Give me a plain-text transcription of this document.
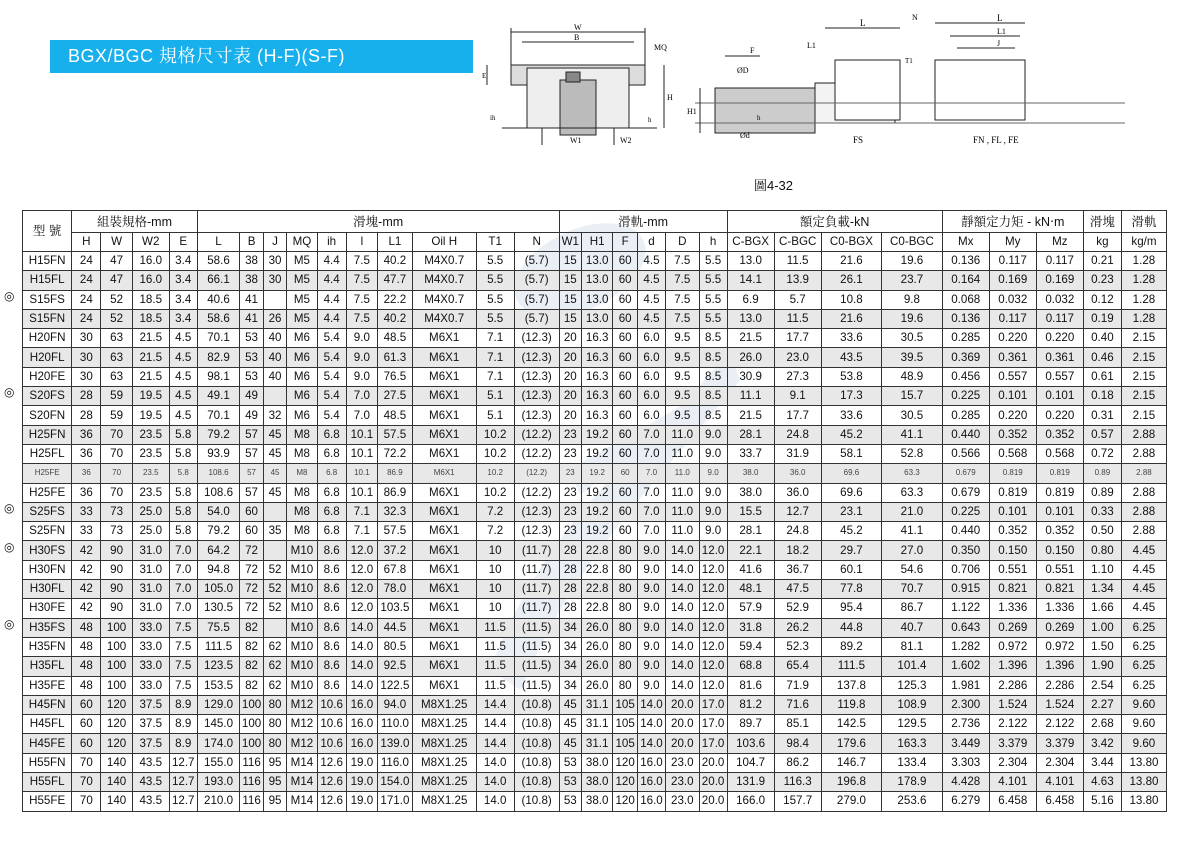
BGX/BGC 規格尺寸表 (H-F)(S-F)
W
B
MQ
H
E
ih
W1	W2
h
L
N	L
L1
J
F
ØD
Ød
L1
T1
H1
h
FS	FN , FL , FE
圖4-32
◎
◎
◎
◎
◎
型 號	組裝規格-mm				滑塊-mm										滑軌-mm						額定負載-kN				靜額定力矩 - kN‧m			滑塊	滑軌
	H	W	W2	E	L	B	J	MQ	ih	l	L1	Oil H	T1	N	W1	H1	F	d	D	h	C-BGX	C-BGC	C0-BGX	C0-BGC	Mx	My	Mz	kg	kg/m
H15FN	24	47	16.0	3.4	58.6	38	30	M5	4.4	7.5	40.2	M4X0.7	5.5	(5.7)	15	13.0	60	4.5	7.5	5.5	13.0	11.5	21.6	19.6	0.136	0.117	0.117	0.21	1.28
H15FL	24	47	16.0	3.4	66.1	38	30	M5	4.4	7.5	47.7	M4X0.7	5.5	(5.7)	15	13.0	60	4.5	7.5	5.5	14.1	13.9	26.1	23.7	0.164	0.169	0.169	0.23	1.28
S15FS	24	52	18.5	3.4	40.6	41		M5	4.4	7.5	22.2	M4X0.7	5.5	(5.7)	15	13.0	60	4.5	7.5	5.5	6.9	5.7	10.8	9.8	0.068	0.032	0.032	0.12	1.28
S15FN	24	52	18.5	3.4	58.6	41	26	M5	4.4	7.5	40.2	M4X0.7	5.5	(5.7)	15	13.0	60	4.5	7.5	5.5	13.0	11.5	21.6	19.6	0.136	0.117	0.117	0.19	1.28
H20FN	30	63	21.5	4.5	70.1	53	40	M6	5.4	9.0	48.5	M6X1	7.1	(12.3)	20	16.3	60	6.0	9.5	8.5	21.5	17.7	33.6	30.5	0.285	0.220	0.220	0.40	2.15
H20FL	30	63	21.5	4.5	82.9	53	40	M6	5.4	9.0	61.3	M6X1	7.1	(12.3)	20	16.3	60	6.0	9.5	8.5	26.0	23.0	43.5	39.5	0.369	0.361	0.361	0.46	2.15
H20FE	30	63	21.5	4.5	98.1	53	40	M6	5.4	9.0	76.5	M6X1	7.1	(12.3)	20	16.3	60	6.0	9.5	8.5	30.9	27.3	53.8	48.9	0.456	0.557	0.557	0.61	2.15
S20FS	28	59	19.5	4.5	49.1	49		M6	5.4	7.0	27.5	M6X1	5.1	(12.3)	20	16.3	60	6.0	9.5	8.5	11.1	9.1	17.3	15.7	0.225	0.101	0.101	0.18	2.15
S20FN	28	59	19.5	4.5	70.1	49	32	M6	5.4	7.0	48.5	M6X1	5.1	(12.3)	20	16.3	60	6.0	9.5	8.5	21.5	17.7	33.6	30.5	0.285	0.220	0.220	0.31	2.15
H25FN	36	70	23.5	5.8	79.2	57	45	M8	6.8	10.1	57.5	M6X1	10.2	(12.2)	23	19.2	60	7.0	11.0	9.0	28.1	24.8	45.2	41.1	0.440	0.352	0.352	0.57	2.88
H25FL	36	70	23.5	5.8	93.9	57	45	M8	6.8	10.1	72.2	M6X1	10.2	(12.2)	23	19.2	60	7.0	11.0	9.0	33.7	31.9	58.1	52.8	0.566	0.568	0.568	0.72	2.88
H25FE	36	70	23.5	5.8	108.6	57	45	M8	6.8	10.1	86.9	M6X1	10.2	(12.2)	23	19.2	60	7.0	11.0	9.0	38.0	36.0	69.6	63.3	0.679	0.819	0.819	0.89	2.88
H25FE	36	70	23.5	5.8	108.6	57	45	M8	6.8	10.1	86.9	M6X1	10.2	(12.2)	23	19.2	60	7.0	11.0	9.0	38.0	36.0	69.6	63.3	0.679	0.819	0.819	0.89	2.88
S25FS	33	73	25.0	5.8	54.0	60		M8	6.8	7.1	32.3	M6X1	7.2	(12.3)	23	19.2	60	7.0	11.0	9.0	15.5	12.7	23.1	21.0	0.225	0.101	0.101	0.33	2.88
S25FN	33	73	25.0	5.8	79.2	60	35	M8	6.8	7.1	57.5	M6X1	7.2	(12.3)	23	19.2	60	7.0	11.0	9.0	28.1	24.8	45.2	41.1	0.440	0.352	0.352	0.50	2.88
H30FS	42	90	31.0	7.0	64.2	72		M10	8.6	12.0	37.2	M6X1	10	(11.7)	28	22.8	80	9.0	14.0	12.0	22.1	18.2	29.7	27.0	0.350	0.150	0.150	0.80	4.45
H30FN	42	90	31.0	7.0	94.8	72	52	M10	8.6	12.0	67.8	M6X1	10	(11.7)	28	22.8	80	9.0	14.0	12.0	41.6	36.7	60.1	54.6	0.706	0.551	0.551	1.10	4.45
H30FL	42	90	31.0	7.0	105.0	72	52	M10	8.6	12.0	78.0	M6X1	10	(11.7)	28	22.8	80	9.0	14.0	12.0	48.1	47.5	77.8	70.7	0.915	0.821	0.821	1.34	4.45
H30FE	42	90	31.0	7.0	130.5	72	52	M10	8.6	12.0	103.5	M6X1	10	(11.7)	28	22.8	80	9.0	14.0	12.0	57.9	52.9	95.4	86.7	1.122	1.336	1.336	1.66	4.45
H35FS	48	100	33.0	7.5	75.5	82		M10	8.6	14.0	44.5	M6X1	11.5	(11.5)	34	26.0	80	9.0	14.0	12.0	31.8	26.2	44.8	40.7	0.643	0.269	0.269	1.00	6.25
H35FN	48	100	33.0	7.5	111.5	82	62	M10	8.6	14.0	80.5	M6X1	11.5	(11.5)	34	26.0	80	9.0	14.0	12.0	59.4	52.3	89.2	81.1	1.282	0.972	0.972	1.50	6.25
H35FL	48	100	33.0	7.5	123.5	82	62	M10	8.6	14.0	92.5	M6X1	11.5	(11.5)	34	26.0	80	9.0	14.0	12.0	68.8	65.4	111.5	101.4	1.602	1.396	1.396	1.90	6.25
H35FE	48	100	33.0	7.5	153.5	82	62	M10	8.6	14.0	122.5	M6X1	11.5	(11.5)	34	26.0	80	9.0	14.0	12.0	81.6	71.9	137.8	125.3	1.981	2.286	2.286	2.54	6.25
H45FN	60	120	37.5	8.9	129.0	100	80	M12	10.6	16.0	94.0	M8X1.25	14.4	(10.8)	45	31.1	105	14.0	20.0	17.0	81.2	71.6	119.8	108.9	2.300	1.524	1.524	2.27	9.60
H45FL	60	120	37.5	8.9	145.0	100	80	M12	10.6	16.0	110.0	M8X1.25	14.4	(10.8)	45	31.1	105	14.0	20.0	17.0	89.7	85.1	142.5	129.5	2.736	2.122	2.122	2.68	9.60
H45FE	60	120	37.5	8.9	174.0	100	80	M12	10.6	16.0	139.0	M8X1.25	14.4	(10.8)	45	31.1	105	14.0	20.0	17.0	103.6	98.4	179.6	163.3	3.449	3.379	3.379	3.42	9.60
H55FN	70	140	43.5	12.7	155.0	116	95	M14	12.6	19.0	116.0	M8X1.25	14.0	(10.8)	53	38.0	120	16.0	23.0	20.0	104.7	86.2	146.7	133.4	3.303	2.304	2.304	3.44	13.80
H55FL	70	140	43.5	12.7	193.0	116	95	M14	12.6	19.0	154.0	M8X1.25	14.0	(10.8)	53	38.0	120	16.0	23.0	20.0	131.9	116.3	196.8	178.9	4.428	4.101	4.101	4.63	13.80
H55FE	70	140	43.5	12.7	210.0	116	95	M14	12.6	19.0	171.0	M8X1.25	14.0	(10.8)	53	38.0	120	16.0	23.0	20.0	166.0	157.7	279.0	253.6	6.279	6.458	6.458	5.16	13.80
